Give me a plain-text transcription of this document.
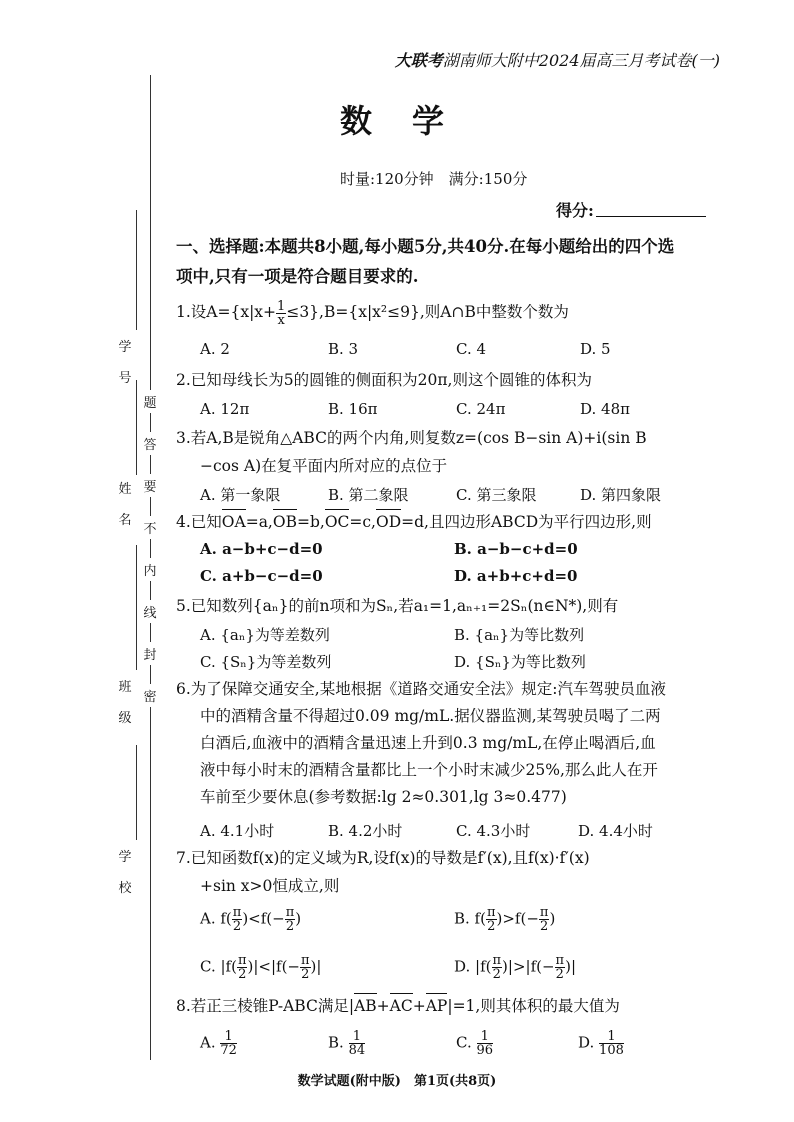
题
答
要
不
内
线
封
密
学

号
姓

名
班

级
学

校
大联考湖南师大附中2024届高三月考试卷(一)
数学
时量:120分钟　满分:150分
得分:
一、选择题:本题共8小题,每小题5分,共40分.在每小题给出的四个选
项中,只有一项是符合题目要求的.
1.设$A=\{x|x+ \frac{1}{x} \le 3\},B=\{x|x^2\le 9\}$,则A∩B中整数个数为
A. 2	B. 3	C. 4	D. 5
2.已知母线长为5的圆锥的侧面积为20π,则这个圆锥的体积为
A. 12π	B. 16π	C. 24π	D. 48π
3.若A,B是锐角△ABC的两个内角,则复数z=(cos B−sin A)+i(sin B
−cos A)在复平面内所对应的点位于
A. 第一象限	B. 第二象限	C. 第三象限	D. 第四象限
4.已知OA=a,OB=b,OC=c,OD=d,且四边形ABCD为平行四边形,则
A. a−b+c−d=0	B. a−b−c+d=0
C. a+b−c−d=0	D. a+b+c+d=0
5.已知数列{aₙ}的前n项和为Sₙ,若a₁=1,aₙ₊₁=2Sₙ(n∈N*),则有
A. {aₙ}为等差数列	B. {aₙ}为等比数列
C. {Sₙ}为等差数列	D. {Sₙ}为等比数列
6.为了保障交通安全,某地根据《道路交通安全法》规定:汽车驾驶员血液
中的酒精含量不得超过0.09 mg/mL.据仪器监测,某驾驶员喝了二两
白酒后,血液中的酒精含量迅速上升到0.3 mg/mL,在停止喝酒后,血
液中每小时末的酒精含量都比上一个小时末减少25%,那么此人在开
车前至少要休息(参考数据:lg 2≈0.301,lg 3≈0.477)
A. 4.1小时	B. 4.2小时	C. 4.3小时	D. 4.4小时
7.已知函数f(x)的定义域为R,设f(x)的导数是f′(x),且f(x)·f′(x)
+sin x>0恒成立,则
A. $f( \frac{\pi}{2} )<f(- \frac{\pi}{2}$ )	B. $f( \frac{\pi}{2} )>f(- \frac{\pi}{2}$ )
C. $|f( \frac{\pi}{2} )|<|f(- \frac{\pi}{2}$ )|	D. $|f( \frac{\pi}{2} )|>|f(- \frac{\pi}{2}$ )|
8.若正三棱锥P-ABC满足|AB+AC+AP|=1,则其体积的最大值为
A. $\frac{1}{72}$	B. $\frac{1}{84}$	C. $\frac{1}{96}$	D. $\frac{1}{108}$
数学试题(附中版)　第1页(共8页)
